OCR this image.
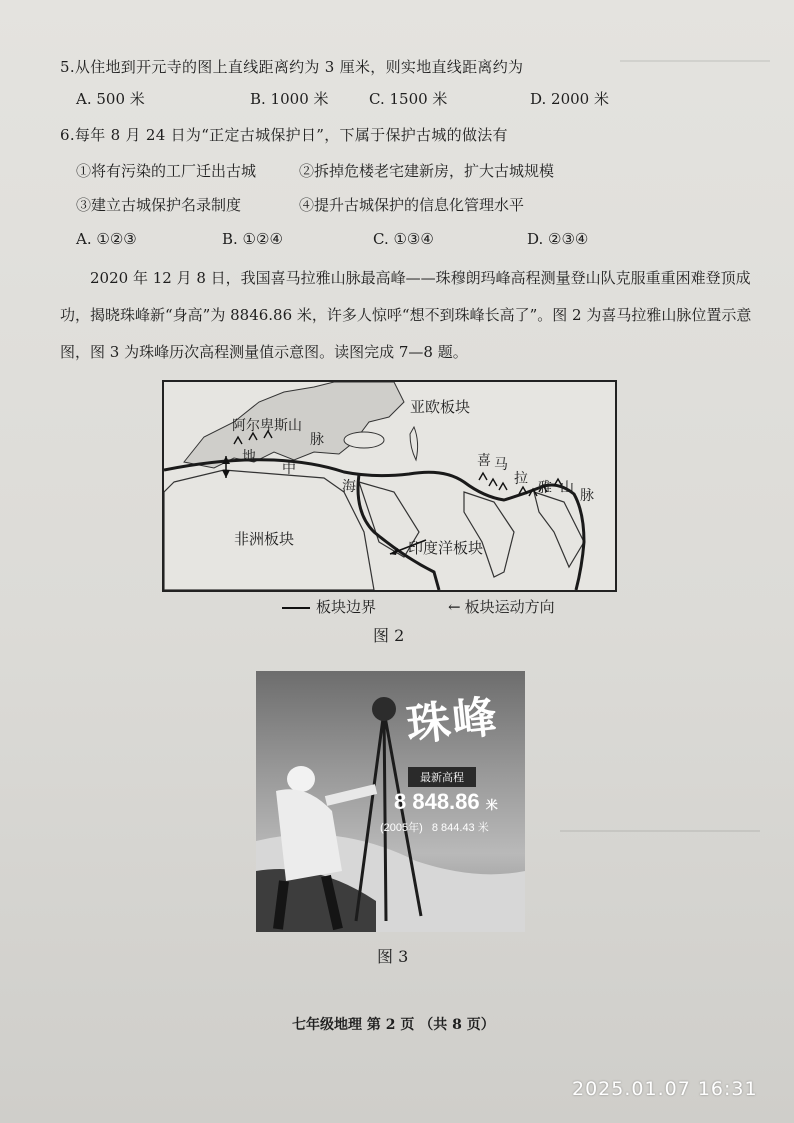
5.从住地到开元寺的图上直线距离约为 3 厘米，则实地直线距离约为
A. 500 米	B. 1000 米	C. 1500 米	D. 2000 米
6.每年 8 月 24 日为“正定古城保护日”，下属于保护古城的做法有
①将有污染的工厂迁出古城	②拆掉危楼老宅建新房，扩大古城规模
③建立古城保护名录制度	④提升古城保护的信息化管理水平
A. ①②③	B. ①②④	C. ①③④	D. ②③④
2020 年 12 月 8 日，我国喜马拉雅山脉最高峰——珠穆朗玛峰高程测量登山队克服重重困难登顶成功，揭晓珠峰新“身高”为 8846.86 米，许多人惊呼“想不到珠峰长高了”。图 2 为喜马拉雅山脉位置示意图，图 3 为珠峰历次高程测量值示意图。读图完成 7—8 题。
亚欧板块
阿尔卑斯山
脉
地
中
海
非洲板块	印度洋板块
喜 马
拉
雅 山 脉
板块边界	← 板块运动方向
图 2
珠峰
最新高程
8 848.86 米
(2005年) 8 844.43 米
图 3
七年级地理 第 2 页 （共 8 页）
2025.01.07 16:31
